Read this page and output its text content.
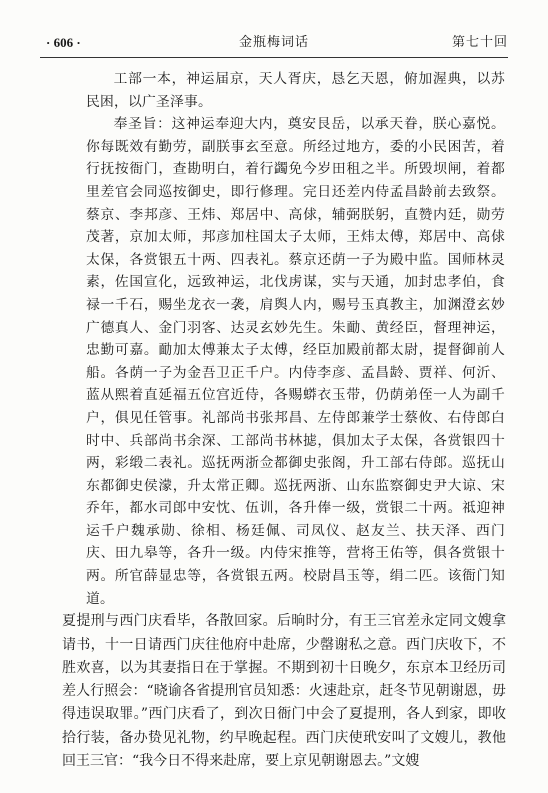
· 606 ·	金瓶梅词话	第七十回

工部一本，神运届京，天人胥庆，恳乞天恩，俯加渥典，以苏民困，以广圣泽事。

奉圣旨：这神运奉迎大内，奠安艮岳，以承天眷，朕心嘉悦。你每既效有勤劳，副朕事玄至意。所经过地方，委的小民困苦，着行抚按衙门，查勘明白，着行蠲免今岁田租之半。所毁坝闸，着都里差官会同巡按御史，即行修理。完日还差内侍孟昌龄前去致祭。蔡京、李邦彦、王炜、郑居中、高俅，辅弼朕躬，直赞内廷，勋劳茂著，京加太师，邦彦加柱国太子太师，王炜太傅，郑居中、高俅太保，各赏银五十两、四表礼。蔡京还荫一子为殿中监。国师林灵素，佐国宣化，远致神运，北伐虏谋，实与天通，加封忠孝伯，食禄一千石，赐坐龙衣一袭，肩舆人内，赐号玉真教主，加渊澄玄妙广德真人、金门羽客、达灵玄妙先生。朱勔、黄经臣，督理神运，忠勤可嘉。勔加太傅兼太子太傅，经臣加殿前都太尉，提督御前人船。各荫一子为金吾卫正千户。内侍李彦、孟昌龄、贾祥、何沂、蓝从熙着直延福五位宫近侍，各赐蟒衣玉带，仍荫弟侄一人为副千户，俱见任管事。礼部尚书张邦昌、左侍郎兼学士蔡攸、右侍郎白时中、兵部尚书余深、工部尚书林摅，俱加太子太保，各赏银四十两，彩缎二表礼。巡抚两浙佥都御史张阁，升工部右侍郎。巡抚山东都御史侯濛，升太常正卿。巡抚两浙、山东监察御史尹大谅、宋乔年，都水司郎中安忱、伍训，各升俸一级，赏银二十两。祗迎神运千户魏承勋、徐相、杨廷佩、司凤仪、赵友兰、扶天泽、西门庆、田九皋等，各升一级。内侍宋推等，营将王佑等，俱各赏银十两。所官薛显忠等，各赏银五两。校尉昌玉等，绢二匹。该衙门知道。

夏提刑与西门庆看毕，各散回家。后晌时分，有王三官差永定同文嫂拿请书，十一日请西门庆往他府中赴席，少罄谢私之意。西门庆收下，不胜欢喜，以为其妻指日在于掌握。不期到初十日晚夕，东京本卫经历司差人行照会：“晓谕各省提刑官员知悉：火速赴京，赶冬节见朝谢恩，毋得违误取罪。”西门庆看了，到次日衙门中会了夏提刑，各人到家，即收拾行装，备办贽见礼物，约早晚起程。西门庆使玳安叫了文嫂儿，教他回王三官：“我今日不得来赴席，要上京见朝谢恩去。”文嫂
